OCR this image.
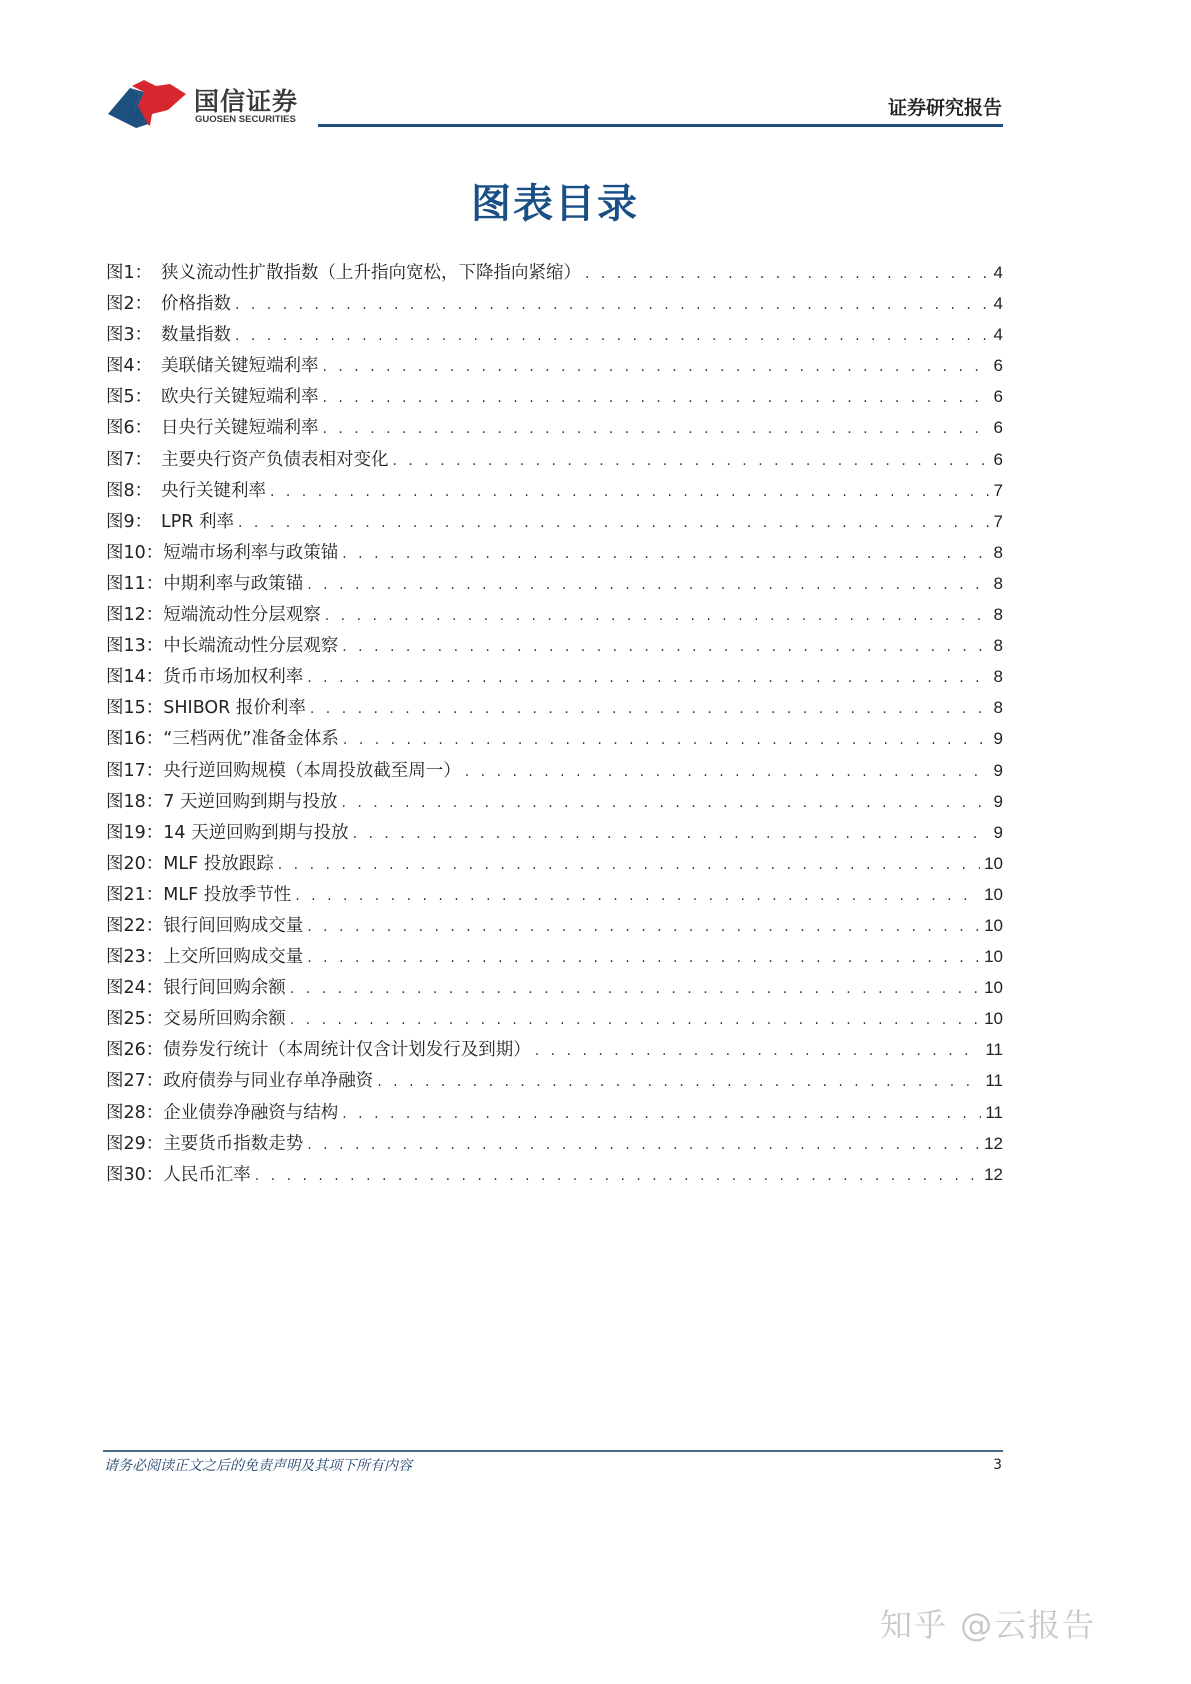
国信证券
GUOSEN SECURITIES
证券研究报告
图表目录
图1： 狭义流动性扩散指数（上升指向宽松，下降指向紧缩） . . .	4
图2： 价格指数 . . .	4
图3： 数量指数 . . .	4
图4： 美联储关键短端利率 . . .	6
图5： 欧央行关键短端利率 . . .	6
图6： 日央行关键短端利率 . . .	6
图7： 主要央行资产负债表相对变化 . . .	6
图8： 央行关键利率 . . .	7
图9： LPR 利率 . . .	7
图10： 短端市场利率与政策锚 . . .	8
图11： 中期利率与政策锚 . . .	8
图12： 短端流动性分层观察 . . .	8
图13： 中长端流动性分层观察 . . .	8
图14： 货币市场加权利率 . . .	8
图15： SHIBOR 报价利率 . . .	8
图16： “三档两优”准备金体系 . . .	9
图17： 央行逆回购规模（本周投放截至周一） . . .	9
图18： 7 天逆回购到期与投放 . . .	9
图19： 14 天逆回购到期与投放 . . .	9
图20： MLF 投放跟踪 . . .	10
图21： MLF 投放季节性 . . .	10
图22： 银行间回购成交量 . . .	10
图23： 上交所回购成交量 . . .	10
图24： 银行间回购余额 . . .	10
图25： 交易所回购余额 . . .	10
图26： 债券发行统计（本周统计仅含计划发行及到期） . . .	11
图27： 政府债券与同业存单净融资 . . .	11
图28： 企业债券净融资与结构 . . .	11
图29： 主要货币指数走势 . . .	12
图30： 人民币汇率 . . .	12
请务必阅读正文之后的免责声明及其项下所有内容	3
知乎 @云报告
